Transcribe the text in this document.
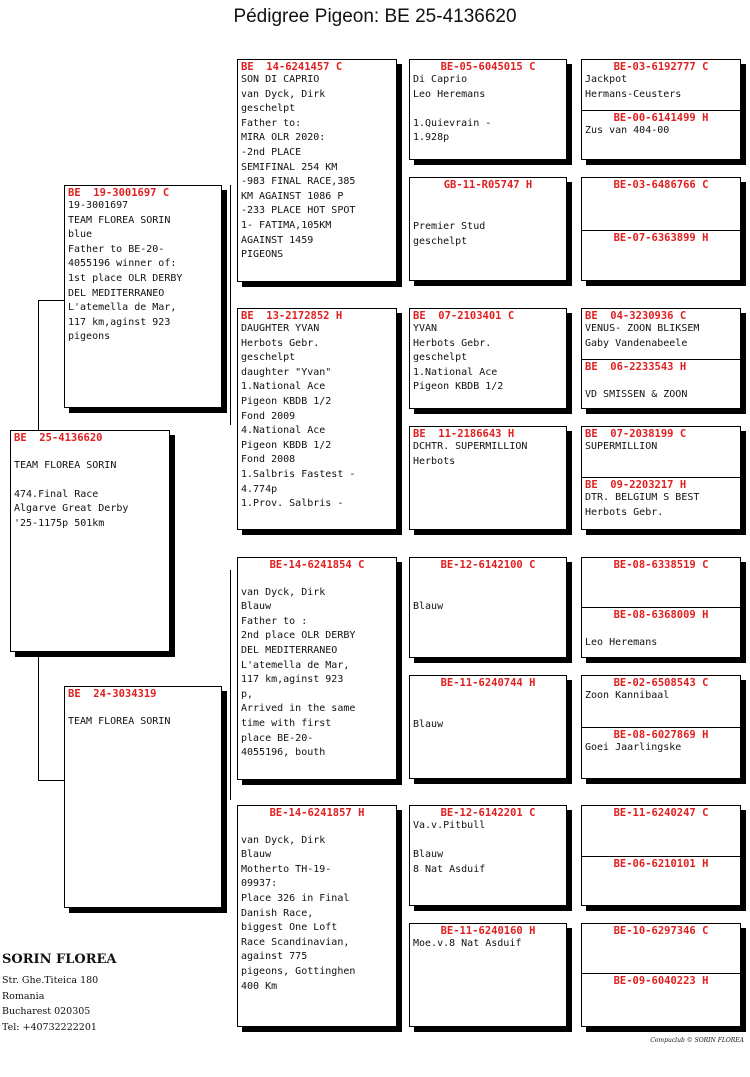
Pédigree Pigeon: BE 25-4136620
BE  25-4136620

TEAM FLOREA SORIN

474.Final Race
Algarve Great Derby
'25-1175p 501km
BE  19-3001697 C
19-3001697
TEAM FLOREA SORIN
blue
Father to BE-20-
4055196 winner of:
1st place OLR DERBY
DEL MEDITERRANEO
L'atemella de Mar,
117 km,aginst 923
pigeons
BE  24-3034319

TEAM FLOREA SORIN
BE  14-6241457 C
SON DI CAPRIO
van Dyck, Dirk
geschelpt
Father to:
MIRA OLR 2020:
-2nd PLACE
SEMIFINAL 254 KM
-983 FINAL RACE,385
KM AGAINST 1086 P
-233 PLACE HOT SPOT
1- FATIMA,105KM
AGAINST 1459
PIGEONS
BE  13-2172852 H
DAUGHTER YVAN
Herbots Gebr.
geschelpt
daughter "Yvan"
1.National Ace
Pigeon KBDB 1/2
Fond 2009
4.National Ace
Pigeon KBDB 1/2
Fond 2008
1.Salbris Fastest -
4.774p
1.Prov. Salbris -
BE-14-6241854 C

van Dyck, Dirk
Blauw
Father to :
2nd place OLR DERBY
DEL MEDITERRANEO
L'atemella de Mar,
117 km,aginst 923
p,
Arrived in the same
time with first
place BE-20-
4055196, bouth
BE-14-6241857 H

van Dyck, Dirk
Blauw
Motherto TH-19-
09937:
Place 326 in Final
Danish Race,
biggest One Loft
Race Scandinavian,
against 775
pigeons, Gottinghen
400 Km
BE-05-6045015 C
Di Caprio
Leo Heremans

1.Quievrain -
1.928p
GB-11-R05747 H

Premier Stud
geschelpt
BE  07-2103401 C
YVAN
Herbots Gebr.
geschelpt
1.National Ace
Pigeon KBDB 1/2
BE  11-2186643 H
DCHTR. SUPERMILLION
Herbots
BE-12-6142100 C

Blauw
BE-11-6240744 H

Blauw
BE-12-6142201 C
Va.v.Pitbull

Blauw
8 Nat Asduif
BE-11-6240160 H
Moe.v.8 Nat Asduif
BE-03-6192777 C
Jackpot
Hermans-Ceusters
BE-00-6141499 H
Zus van 404-00
BE-03-6486766 C
BE-07-6363899 H
BE  04-3230936 C
VENUS- ZOON BLIKSEM
Gaby Vandenabeele
BE  06-2233543 H

VD SMISSEN & ZOON
BE  07-2038199 C
SUPERMILLION
BE  09-2203217 H
DTR. BELGIUM S BEST
Herbots Gebr.
BE-08-6338519 C
BE-08-6368009 H

Leo Heremans
BE-02-6508543 C
Zoon Kannibaal
BE-08-6027869 H
Goei Jaarlingske
BE-11-6240247 C
BE-06-6210101 H
BE-10-6297346 C
BE-09-6040223 H
SORIN FLOREA
Str. Ghe.Titeica 180
Romania
Bucharest 020305
Tel: +40732222201
Compuclub © SORIN FLOREA
